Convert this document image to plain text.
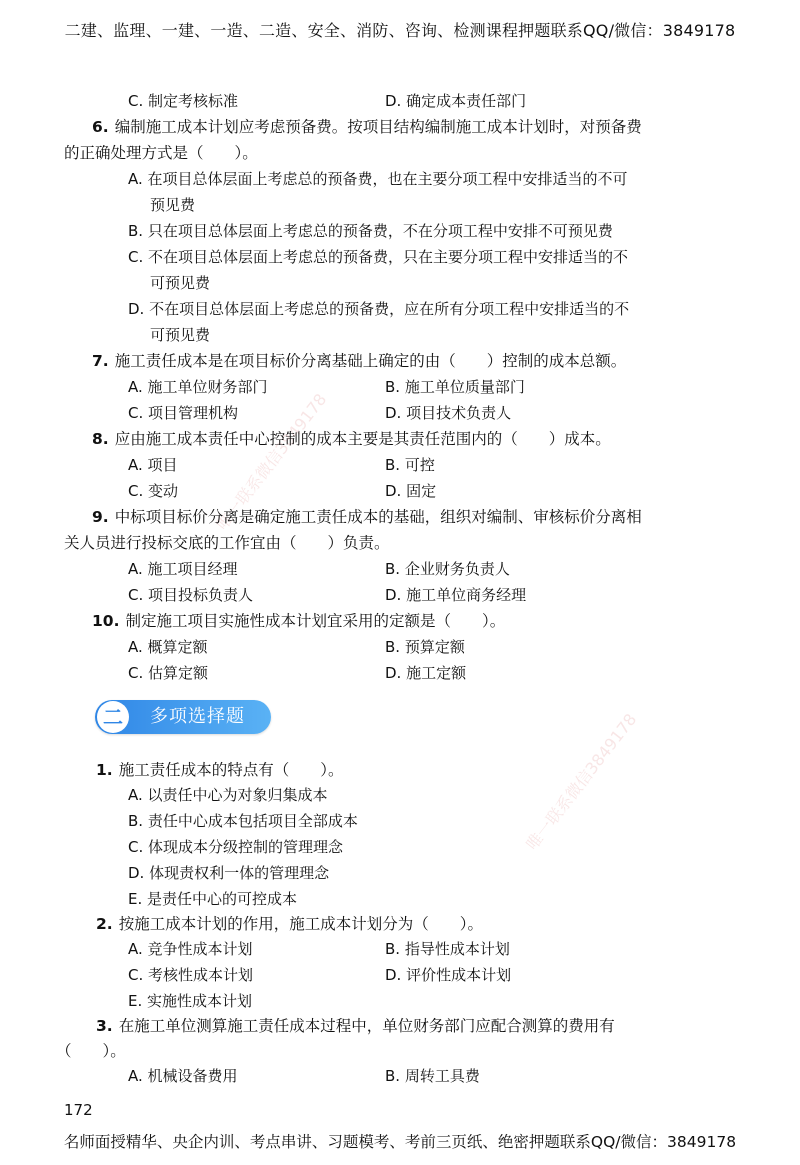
二建、监理、一建、一造、二造、安全、消防、咨询、检测课程押题联系QQ/微信：3849178
唯一联系微信3849178
唯一联系微信3849178
C. 制定考核标准	D. 确定成本责任部门
6. 编制施工成本计划应考虑预备费。按项目结构编制施工成本计划时，对预备费
的正确处理方式是（　　）。
A. 在项目总体层面上考虑总的预备费，也在主要分项工程中安排适当的不可
预见费
B. 只在项目总体层面上考虑总的预备费，不在分项工程中安排不可预见费
C. 不在项目总体层面上考虑总的预备费，只在主要分项工程中安排适当的不
可预见费
D. 不在项目总体层面上考虑总的预备费，应在所有分项工程中安排适当的不
可预见费
7. 施工责任成本是在项目标价分离基础上确定的由（　　）控制的成本总额。
A. 施工单位财务部门	B. 施工单位质量部门
C. 项目管理机构	D. 项目技术负责人
8. 应由施工成本责任中心控制的成本主要是其责任范围内的（　　）成本。
A. 项目	B. 可控
C. 变动	D. 固定
9. 中标项目标价分离是确定施工责任成本的基础，组织对编制、审核标价分离相
关人员进行投标交底的工作宜由（　　）负责。
A. 施工项目经理	B. 企业财务负责人
C. 项目投标负责人	D. 施工单位商务经理
10. 制定施工项目实施性成本计划宜采用的定额是（　　）。
A. 概算定额	B. 预算定额
C. 估算定额	D. 施工定额
二	多项选择题
1. 施工责任成本的特点有（　　）。
A. 以责任中心为对象归集成本
B. 责任中心成本包括项目全部成本
C. 体现成本分级控制的管理理念
D. 体现责权利一体的管理理念
E. 是责任中心的可控成本
2. 按施工成本计划的作用，施工成本计划分为（　　）。
A. 竞争性成本计划	B. 指导性成本计划
C. 考核性成本计划	D. 评价性成本计划
E. 实施性成本计划
3. 在施工单位测算施工责任成本过程中，单位财务部门应配合测算的费用有
（　　）。
A. 机械设备费用	B. 周转工具费
172
名师面授精华、央企内训、考点串讲、习题模考、考前三页纸、绝密押题联系QQ/微信：3849178
